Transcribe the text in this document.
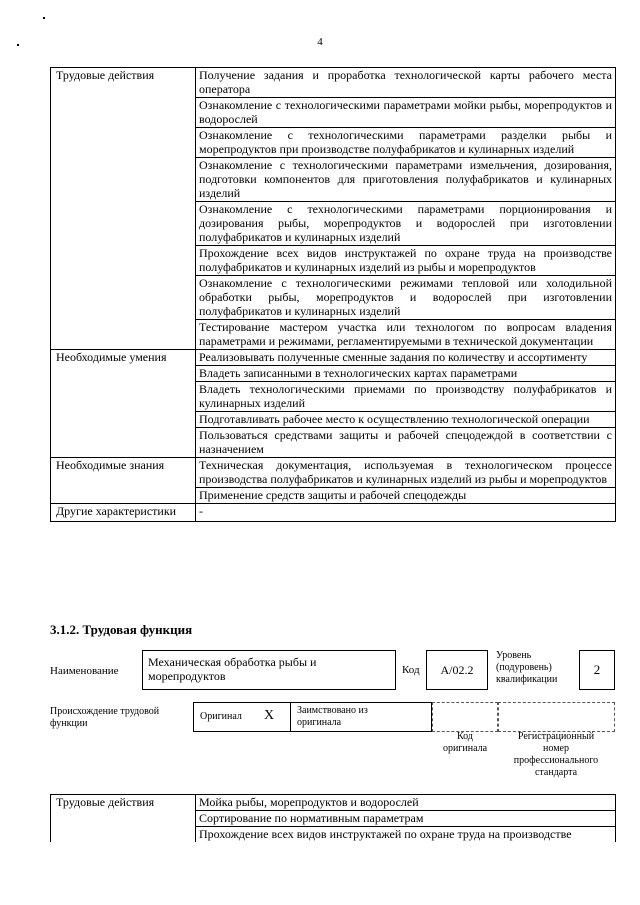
4
Трудовые действия	Получение задания и проработка технологической карты рабочего места оператора
	Ознакомление с технологическими параметрами мойки рыбы, морепродуктов и водорослей
	Ознакомление с технологическими параметрами разделки рыбы и морепродуктов при производстве полуфабрикатов и кулинарных изделий
	Ознакомление с технологическими параметрами измельчения, дозирования, подготовки компонентов для приготовления полуфабрикатов и кулинарных изделий
	Ознакомление с технологическими параметрами порционирования и дозирования рыбы, морепродуктов и водорослей при изготовлении полуфабрикатов и кулинарных изделий
	Прохождение всех видов инструктажей по охране труда на производстве полуфабрикатов и кулинарных изделий из рыбы и морепродуктов
	Ознакомление с технологическими режимами тепловой или холодильной обработки рыбы, морепродуктов и водорослей при изготовлении полуфабрикатов и кулинарных изделий
	Тестирование мастером участка или технологом по вопросам владения параметрами и режимами, регламентируемыми в технической документации
Необходимые умения	Реализовывать полученные сменные задания по количеству и ассортименту
	Владеть записанными в технологических картах параметрами
	Владеть технологическими приемами по производству полуфабрикатов и кулинарных изделий
	Подготавливать рабочее место к осуществлению технологической операции
	Пользоваться средствами защиты и рабочей спецодеждой в соответствии с назначением
Необходимые знания	Техническая документация, используемая в технологическом процессе производства полуфабрикатов и кулинарных изделий из рыбы и морепродуктов
	Применение средств защиты и рабочей спецодежды
Другие характеристики	-
3.1.2. Трудовая функция
Наименование
Механическая обработка рыбы и морепродуктов	Код	A/02.2
Уровень (подуровень) квалификации
2
Происхождение трудовой функции
Оригинал X Заимствовано из оригинала
Код оригинала
Регистрационный номер профессионального стандарта
Трудовые действия	Мойка рыбы, морепродуктов и водорослей
Сортирование по нормативным параметрам
Прохождение всех видов инструктажей по охране труда на производстве
